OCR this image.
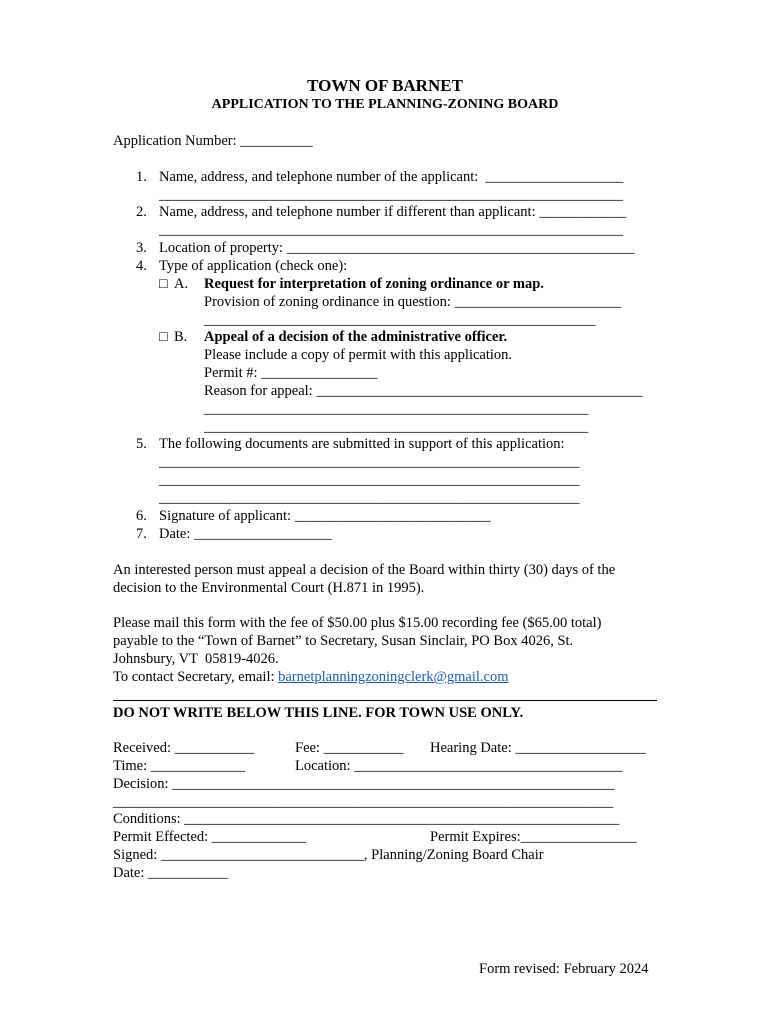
TOWN OF BARNET
APPLICATION TO THE PLANNING-ZONING BOARD
Application Number: __________
1. Name, address, and telephone number of the applicant:  ___________________
________________________________________________________________
2. Name, address, and telephone number if different than applicant: ____________
________________________________________________________________
3. Location of property: ________________________________________________
4. Type of application (check one):
□ A. Request for interpretation of zoning ordinance or map.
Provision of zoning ordinance in question: _______________________
______________________________________________________
□ B. Appeal of a decision of the administrative officer.
Please include a copy of permit with this application.
Permit #: ________________
Reason for appeal: _____________________________________________
_____________________________________________________
_____________________________________________________
5. The following documents are submitted in support of this application:
__________________________________________________________
__________________________________________________________
__________________________________________________________
6. Signature of applicant: ___________________________
7. Date: ___________________
An interested person must appeal a decision of the Board within thirty (30) days of the
decision to the Environmental Court (H.871 in 1995).
Please mail this form with the fee of $50.00 plus $15.00 recording fee ($65.00 total)
payable to the “Town of Barnet” to Secretary, Susan Sinclair, PO Box 4026, St.
Johnsbury, VT  05819-4026.
To contact Secretary, email: barnetplanningzoningclerk@gmail.com
DO NOT WRITE BELOW THIS LINE. FOR TOWN USE ONLY.
Received: ___________	Fee: ___________ Hearing Date: __________________
Time: _____________	Location: _____________________________________
Decision: _____________________________________________________________
_____________________________________________________________________
Conditions: ____________________________________________________________
Permit Effected: _____________	Permit Expires:________________
Signed: ____________________________, Planning/Zoning Board Chair
Date: ___________
Form revised: February 2024
